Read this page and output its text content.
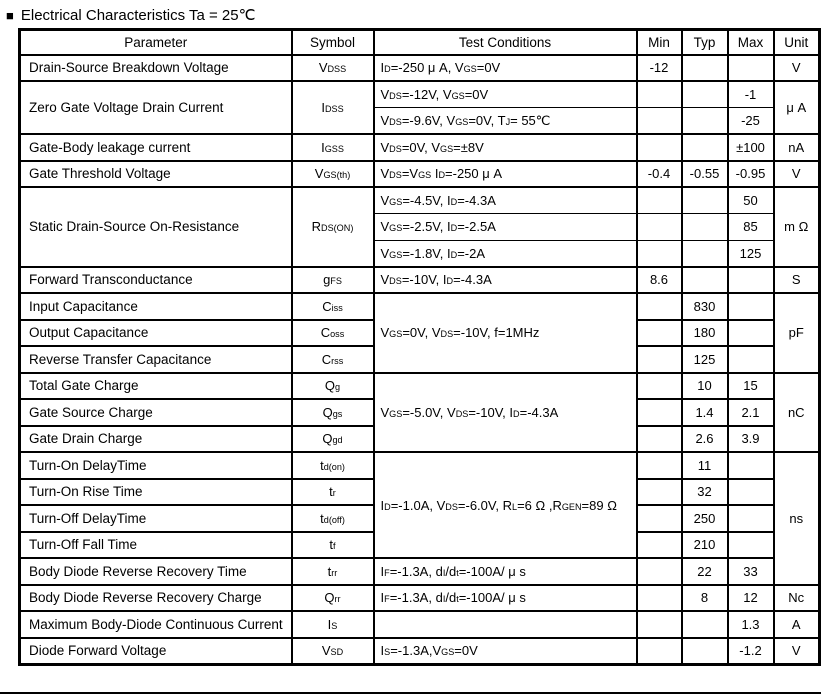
■ Electrical Characteristics Ta = 25℃
Parameter	Symbol	Test Conditions	Min	Typ	Max	Unit
Drain-Source Breakdown Voltage	VDSS	ID=-250 μ A, VGS=0V	-12			V
Zero Gate Voltage Drain Current	IDSS	VDS=-12V, VGS=0V			-1	μ A
		VDS=-9.6V, VGS=0V, TJ= 55℃			-25	
Gate-Body leakage current	IGSS	VDS=0V, VGS=±8V			±100	nA
Gate Threshold Voltage	VGS(th)	VDS=VGS ID=-250 μ A	-0.4	-0.55	-0.95	V
Static Drain-Source On-Resistance	RDS(ON)	VGS=-4.5V, ID=-4.3A			50	m Ω
		VGS=-2.5V, ID=-2.5A			85	
		VGS=-1.8V, ID=-2A			125	
Forward Transconductance	gFS	VDS=-10V, ID=-4.3A	8.6			S
Input Capacitance	Ciss	VGS=0V, VDS=-10V, f=1MHz		830		pF
Output Capacitance	Coss			180		
Reverse Transfer Capacitance	Crss			125		
Total Gate Charge	Qg	VGS=-5.0V, VDS=-10V, ID=-4.3A		10	15	nC
Gate Source Charge	Qgs			1.4	2.1	
Gate Drain Charge	Qgd			2.6	3.9	
Turn-On DelayTime	td(on)	ID=-1.0A, VDS=-6.0V, RL=6 Ω ,RGEN=89 Ω		11		ns
Turn-On Rise Time	tr			32		
Turn-Off DelayTime	td(off)			250		
Turn-Off Fall Time	tf			210		
Body Diode Reverse Recovery Time	trr	IF=-1.3A, dI/dt=-100A/ μ s		22	33	
Body Diode Reverse Recovery Charge	Qrr	IF=-1.3A, dI/dt=-100A/ μ s		8	12	Nc
Maximum Body-Diode Continuous Current	IS				1.3	A
Diode Forward Voltage	VSD	IS=-1.3A,VGS=0V			-1.2	V
